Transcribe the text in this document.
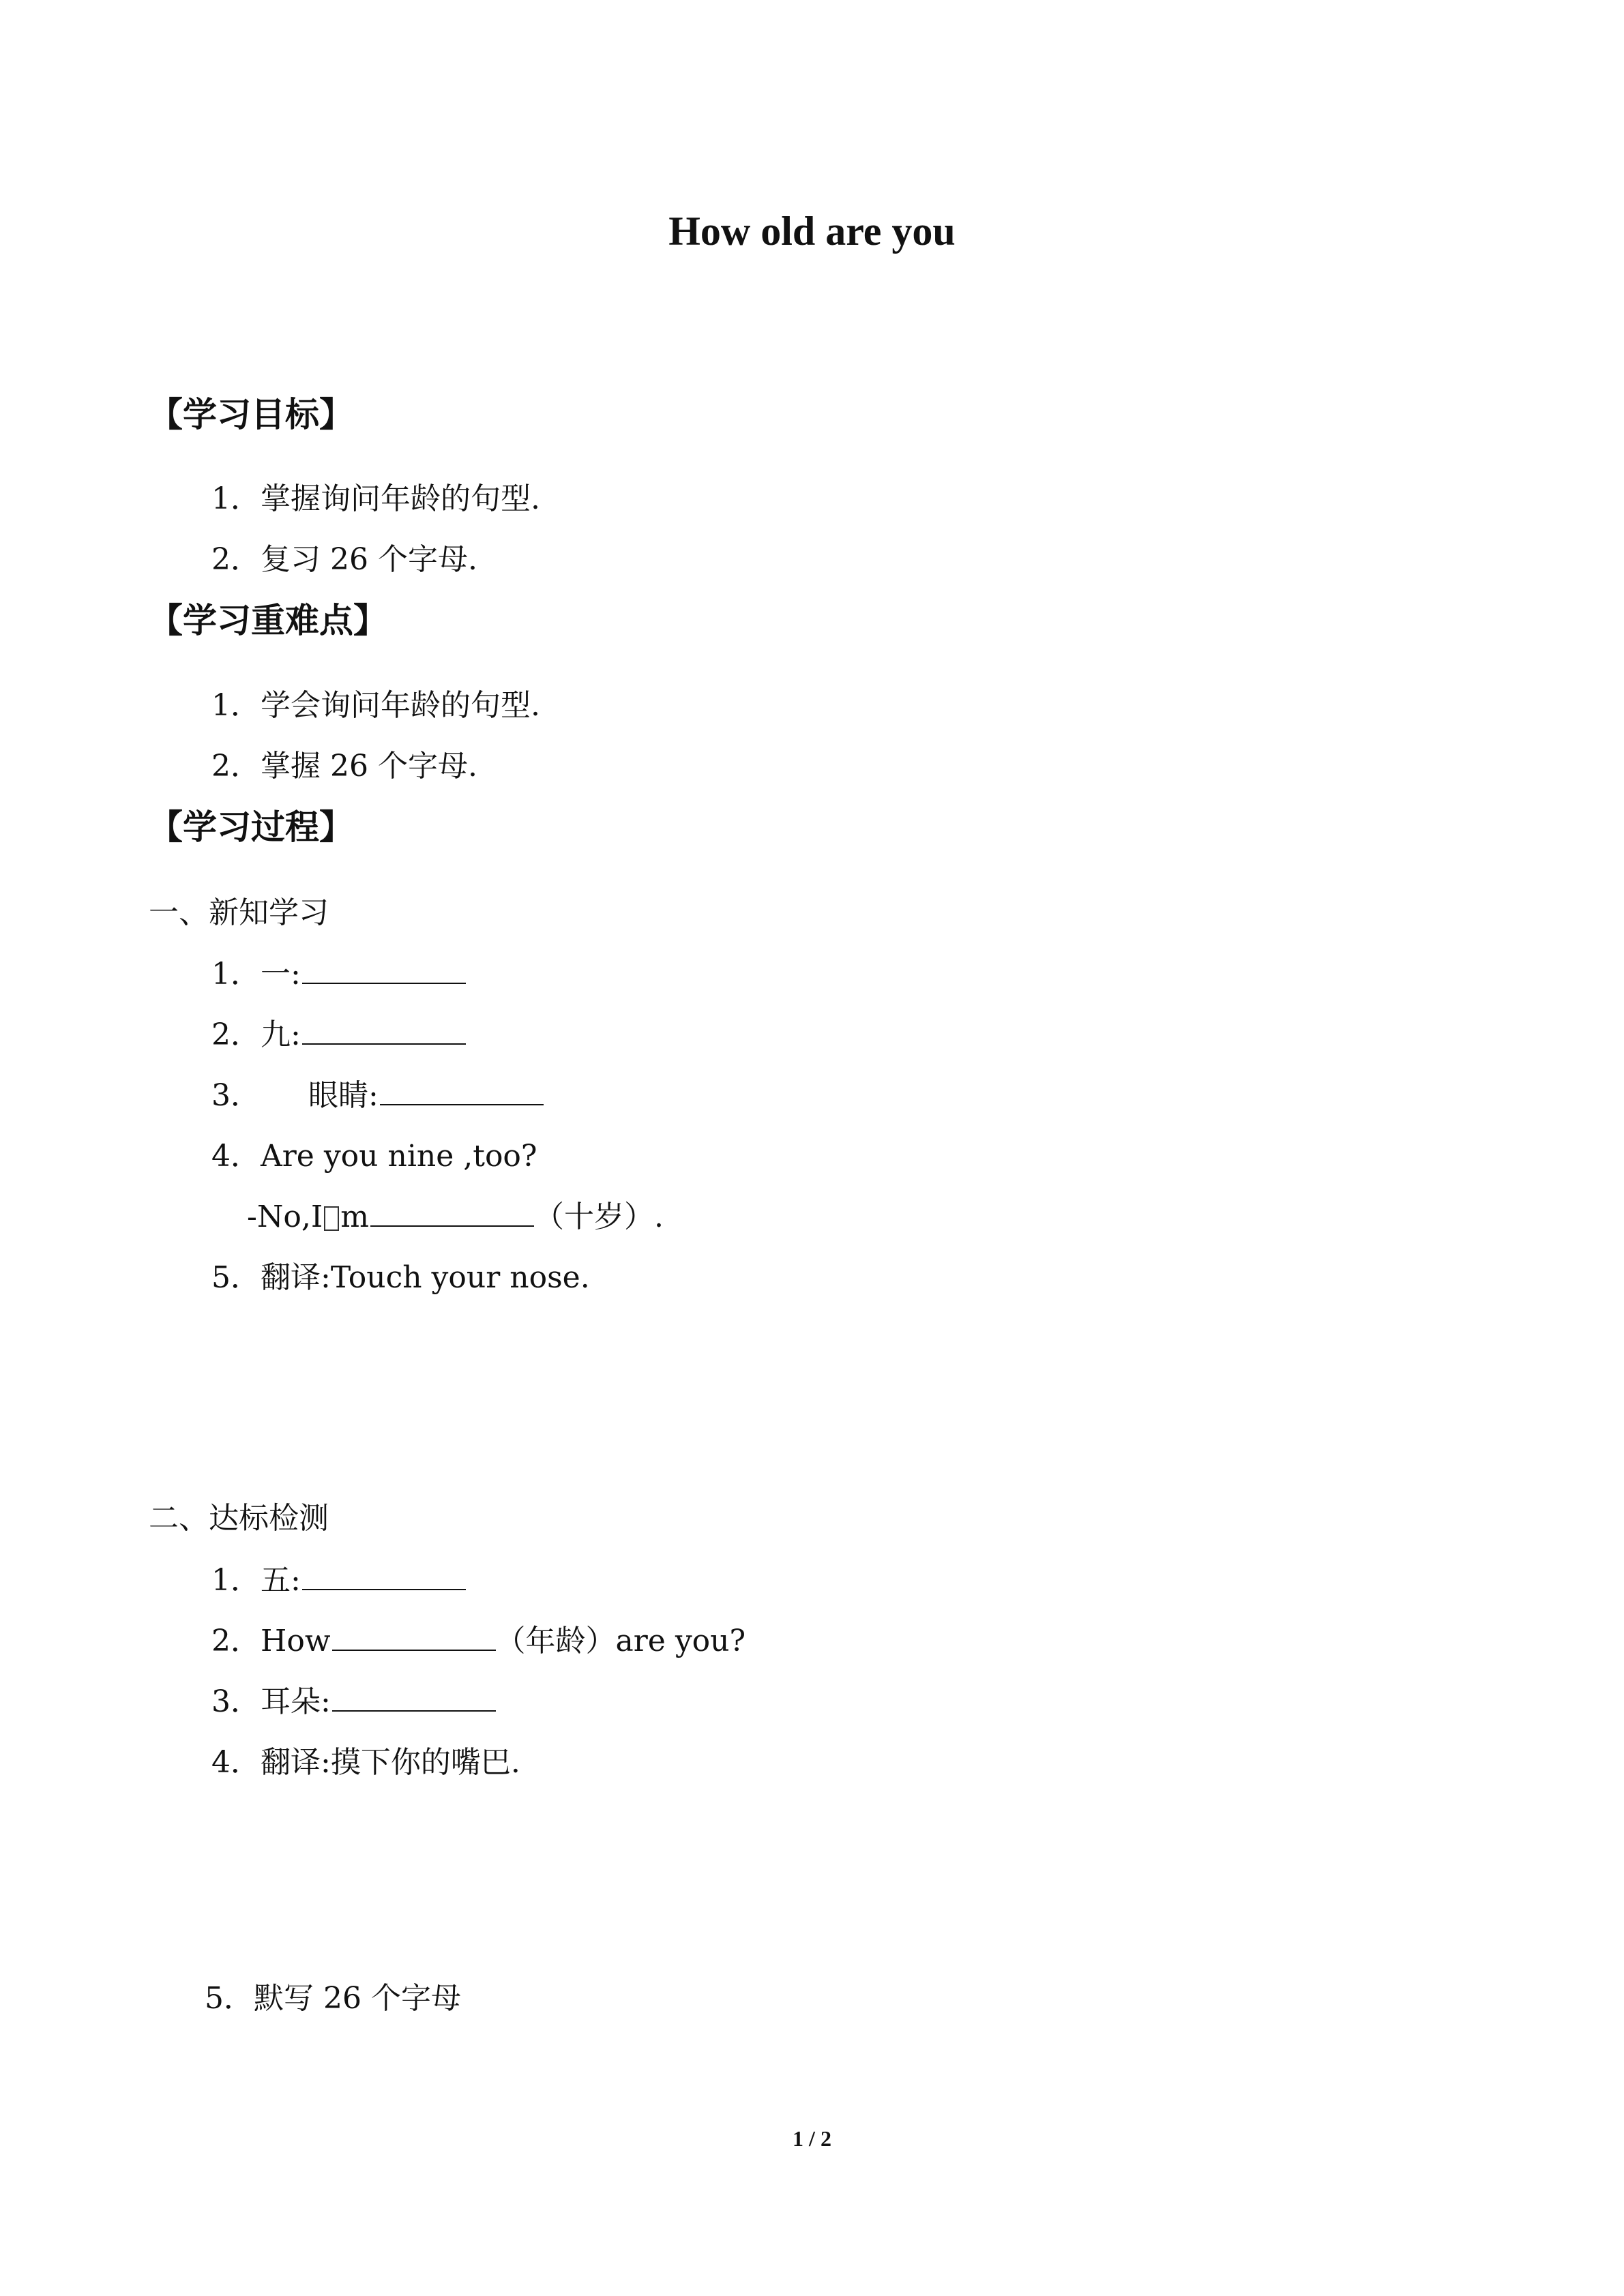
How old are you
【学习目标】
1．掌握询问年龄的句型.
2．复习 26 个字母.
【学习重难点】
1．学会询问年龄的句型.
2．掌握 26 个字母.
【学习过程】
一、新知学习
1．一:
2．九:
3． 眼睛:
4．Are you nine ,too?
-No,I m	（十岁）.
5．翻译:Touch your nose.
二、达标检测
1．五:
2．How	（年龄）are you?
3．耳朵:
4．翻译:摸下你的嘴巴.
5．默写 26 个字母
1 / 2
